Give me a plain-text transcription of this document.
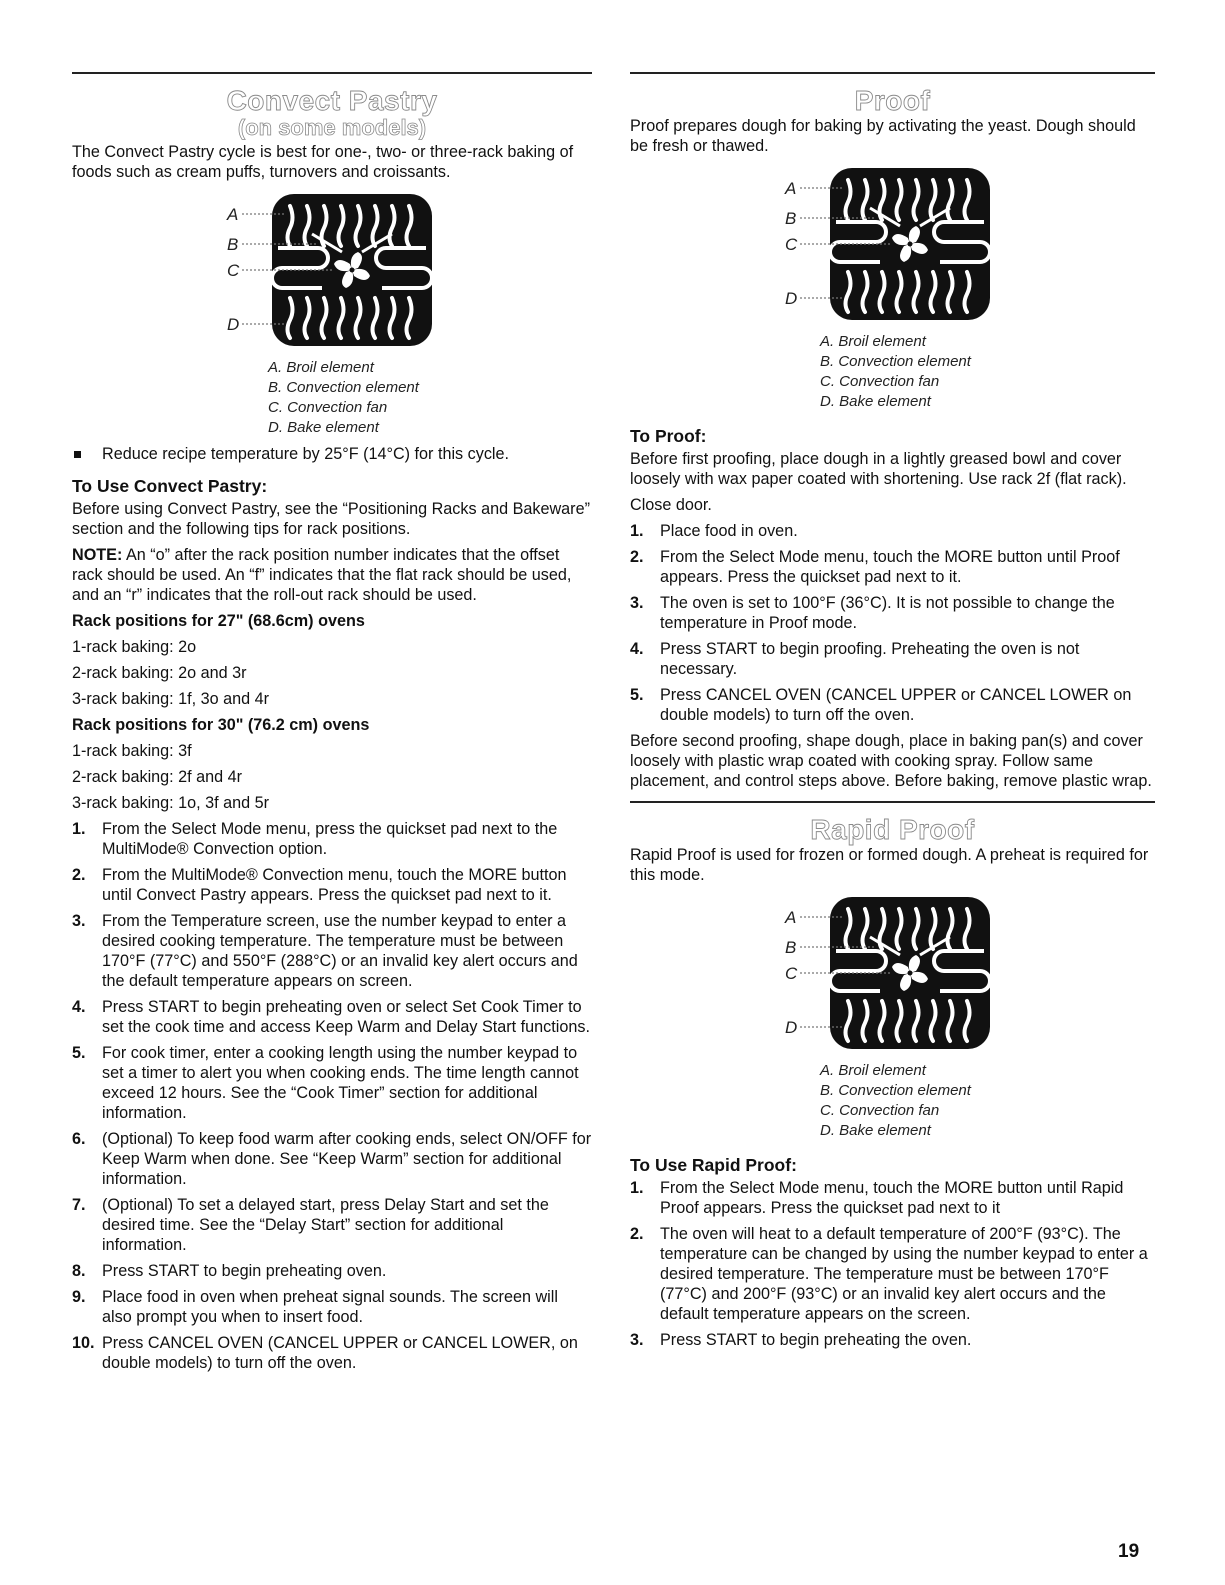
Convect Pastry
(on some models)

The Convect Pastry cycle is best for one-, two- or three-rack baking of foods such as cream puffs, turnovers and croissants.

A
B
C
D
A. Broil element
B. Convection element
C. Convection fan
D. Bake element
Reduce recipe temperature by 25°F (14°C) for this cycle.
To Use Convect Pastry:

Before using Convect Pastry, see the “Positioning Racks and Bakeware” section and the following tips for rack positions.

NOTE: An “o” after the rack position number indicates that the offset rack should be used. An “f” indicates that the flat rack should be used, and an “r” indicates that the roll-out rack should be used.

Rack positions for 27" (68.6cm) ovens
1-rack baking: 2o
2-rack baking: 2o and 3r
3-rack baking: 1f, 3o and 4r
Rack positions for 30" (76.2 cm) ovens
1-rack baking: 3f
2-rack baking: 2f and 4r
3-rack baking: 1o, 3f and 5r
1. From the Select Mode menu, press the quickset pad next to the MultiMode® Convection option.
2. From the MultiMode® Convection menu, touch the MORE button until Convect Pastry appears. Press the quickset pad next to it.
3. From the Temperature screen, use the number keypad to enter a desired cooking temperature. The temperature must be between 170°F (77°C) and 550°F (288°C) or an invalid key alert occurs and the default temperature appears on screen.
4. Press START to begin preheating oven or select Set Cook Timer to set the cook time and access Keep Warm and Delay Start functions.
5. For cook timer, enter a cooking length using the number keypad to set a timer to alert you when cooking ends. The time length cannot exceed 12 hours. See the “Cook Timer” section for additional information.
6. (Optional) To keep food warm after cooking ends, select ON/OFF for Keep Warm when done. See “Keep Warm” section for additional information.
7. (Optional) To set a delayed start, press Delay Start and set the desired time. See the “Delay Start” section for additional information.
8. Press START to begin preheating oven.
9. Place food in oven when preheat signal sounds. The screen will also prompt you when to insert food.
10. Press CANCEL OVEN (CANCEL UPPER or CANCEL LOWER, on double models) to turn off the oven.
Proof

Proof prepares dough for baking by activating the yeast. Dough should be fresh or thawed.

A
B
C
D
A. Broil element
B. Convection element
C. Convection fan
D. Bake element
To Proof:

Before first proofing, place dough in a lightly greased bowl and cover loosely with wax paper coated with shortening. Use rack 2f (flat rack).

Close door.

1. Place food in oven.
2. From the Select Mode menu, touch the MORE button until Proof appears. Press the quickset pad next to it.
3. The oven is set to 100°F (36°C). It is not possible to change the temperature in Proof mode.
4. Press START to begin proofing. Preheating the oven is not necessary.
5. Press CANCEL OVEN (CANCEL UPPER or CANCEL LOWER on double models) to turn off the oven.

Before second proofing, shape dough, place in baking pan(s) and cover loosely with plastic wrap coated with cooking spray. Follow same placement, and control steps above. Before baking, remove plastic wrap.

Rapid Proof

Rapid Proof is used for frozen or formed dough. A preheat is required for this mode.

A
B
C
D
A. Broil element
B. Convection element
C. Convection fan
D. Bake element
To Use Rapid Proof:
1. From the Select Mode menu, touch the MORE button until Rapid Proof appears. Press the quickset pad next to it
2. The oven will heat to a default temperature of 200°F (93°C). The temperature can be changed by using the number keypad to enter a desired temperature. The temperature must be between 170°F (77°C) and 200°F (93°C) or an invalid key alert occurs and the default temperature appears on the screen.
3. Press START to begin preheating the oven.
19
